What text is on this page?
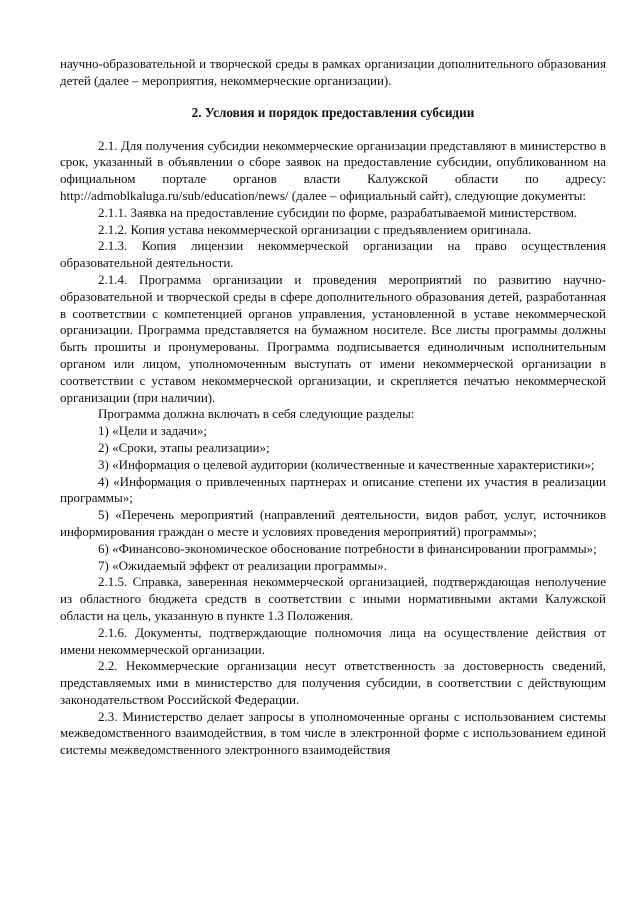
научно-образовательной и творческой среды в рамках организации дополнительного образования детей (далее – мероприятия, некоммерческие организации).

2. Условия и порядок предоставления субсидии

2.1. Для получения субсидии некоммерческие организации представляют в министерство в срок, указанный в объявлении о сборе заявок на предоставление субсидии, опубликованном на официальном портале органов власти Калужской области по адресу: http://admoblkaluga.ru/sub/education/news/ (далее – официальный сайт), следующие документы:

2.1.1. Заявка на предоставление субсидии по форме, разрабатываемой министерством.

2.1.2. Копия устава некоммерческой организации с предъявлением оригинала.

2.1.3. Копия лицензии некоммерческой организации на право осуществления образовательной деятельности.

2.1.4. Программа организации и проведения мероприятий по развитию научно-образовательной и творческой среды в сфере дополнительного образования детей, разработанная в соответствии с компетенцией органов управления, установленной в уставе некоммерческой организации. Программа представляется на бумажном носителе. Все листы программы должны быть прошиты и пронумерованы. Программа подписывается единоличным исполнительным органом или лицом, уполномоченным выступать от имени некоммерческой организации в соответствии с уставом некоммерческой организации, и скрепляется печатью некоммерческой организации (при наличии).

Программа должна включать в себя следующие разделы:

1) «Цели и задачи»;

2) «Сроки, этапы реализации»;

3) «Информация о целевой аудитории (количественные и качественные характеристики»;

4) «Информация о привлеченных партнерах и описание степени их участия в реализации программы»;

5) «Перечень мероприятий (направлений деятельности, видов работ, услуг, источников информирования граждан о месте и условиях проведения мероприятий) программы»;

6) «Финансово-экономическое обоснование потребности в финансировании программы»;

7) «Ожидаемый эффект от реализации программы».

2.1.5. Справка, заверенная некоммерческой организацией, подтверждающая неполучение из областного бюджета средств в соответствии с иными нормативными актами Калужской области на цель, указанную в пункте 1.3 Положения.

2.1.6. Документы, подтверждающие полномочия лица на осуществление действия от имени некоммерческой организации.

2.2. Некоммерческие организации несут ответственность за достоверность сведений, представляемых ими в министерство для получения субсидии, в соответствии с действующим законодательством Российской Федерации.

2.3. Министерство делает запросы в уполномоченные органы с использованием системы межведомственного взаимодействия, в том числе в электронной форме с использованием единой системы межведомственного электронного взаимодействия
